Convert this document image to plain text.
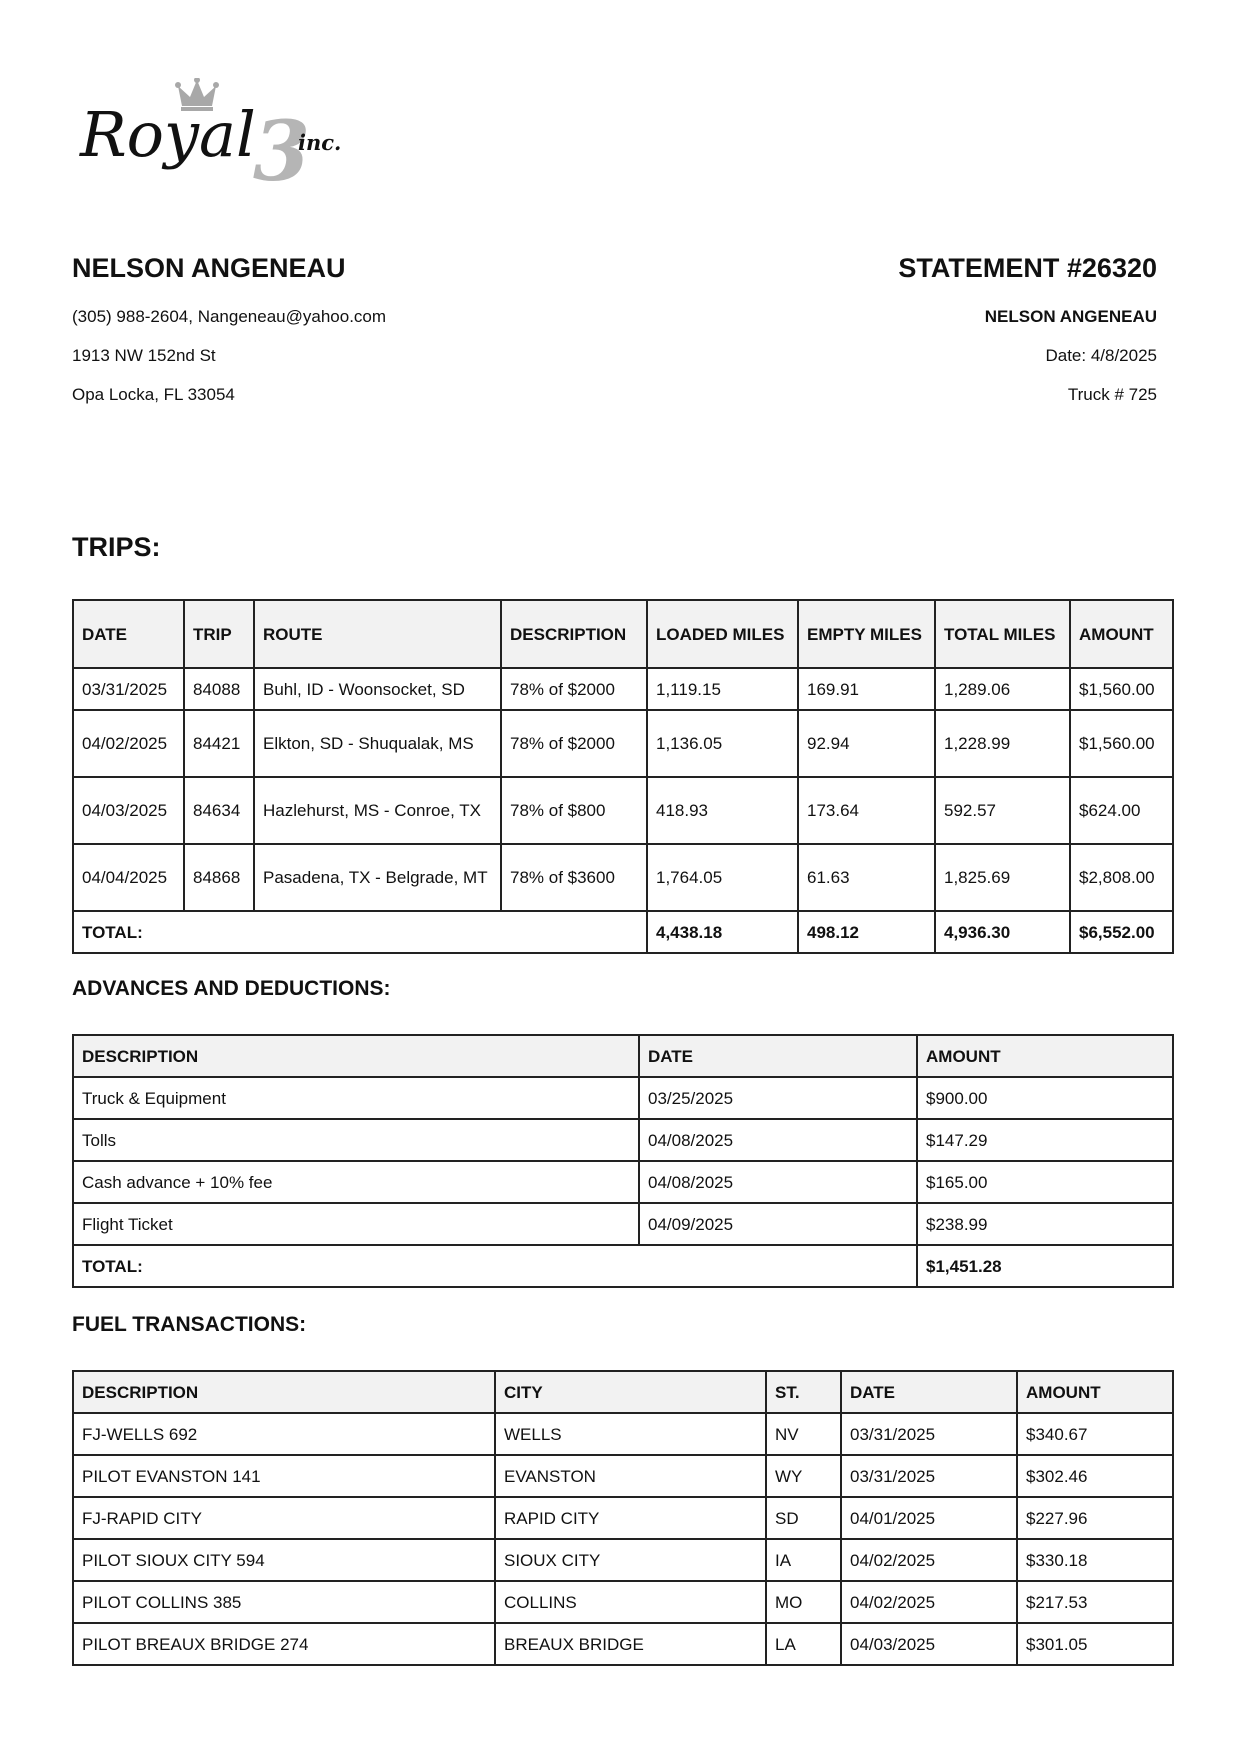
3
Royal inc.
NELSON ANGENEAU

(305) 988-2604, Nangeneau@yahoo.com

1913 NW 152nd St

Opa Locka, FL 33054

STATEMENT #26320

NELSON ANGENEAU

Date: 4/8/2025

Truck # 725

TRIPS:
DATE	TRIP	ROUTE	DESCRIPTION	LOADED MILES	EMPTY MILES	TOTAL MILES	AMOUNT
03/31/2025	84088	Buhl, ID - Woonsocket, SD	78% of $2000	1,119.15	169.91	1,289.06	$1,560.00
04/02/2025	84421	Elkton, SD - Shuqualak, MS	78% of $2000	1,136.05	92.94	1,228.99	$1,560.00
04/03/2025	84634	Hazlehurst, MS - Conroe, TX	78% of $800	418.93	173.64	592.57	$624.00
04/04/2025	84868	Pasadena, TX - Belgrade, MT	78% of $3600	1,764.05	61.63	1,825.69	$2,808.00
TOTAL:				4,438.18	498.12	4,936.30	$6,552.00
ADVANCES AND DEDUCTIONS:
DESCRIPTION	DATE	AMOUNT
Truck & Equipment	03/25/2025	$900.00
Tolls	04/08/2025	$147.29
Cash advance + 10% fee	04/08/2025	$165.00
Flight Ticket	04/09/2025	$238.99
TOTAL:		$1,451.28
FUEL TRANSACTIONS:
DESCRIPTION	CITY	ST.	DATE	AMOUNT
FJ-WELLS 692	WELLS	NV	03/31/2025	$340.67
PILOT EVANSTON 141	EVANSTON	WY	03/31/2025	$302.46
FJ-RAPID CITY	RAPID CITY	SD	04/01/2025	$227.96
PILOT SIOUX CITY 594	SIOUX CITY	IA	04/02/2025	$330.18
PILOT COLLINS 385	COLLINS	MO	04/02/2025	$217.53
PILOT BREAUX BRIDGE 274	BREAUX BRIDGE	LA	04/03/2025	$301.05
